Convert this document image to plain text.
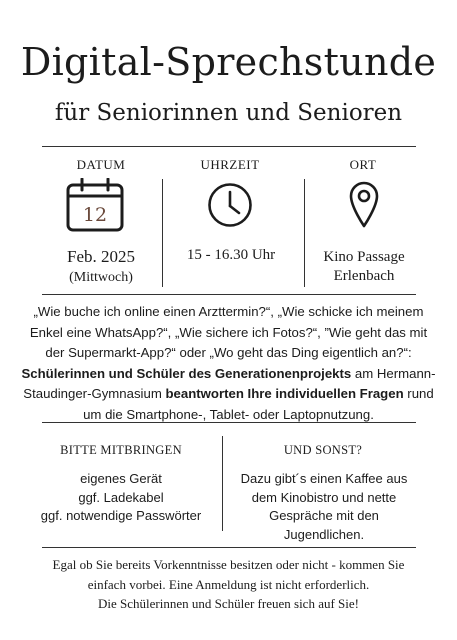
Digital-Sprechstunde
für Seniorinnen und Senioren
DATUM
12
Feb. 2025
(Mittwoch)
UHRZEIT
15 - 16.30 Uhr
ORT
Kino Passage
Erlenbach
„Wie buche ich online einen Arzttermin?“, „Wie schicke ich meinem Enkel eine WhatsApp?“, „Wie sichere ich Fotos?“, ”Wie geht das mit der Supermarkt-App?“ oder „Wo geht das Ding eigentlich an?“: Schülerinnen und Schüler des Generationenprojekts am Hermann-Staudinger-Gymnasium beantworten Ihre individuellen Fragen rund um die Smartphone-, Tablet- oder Laptopnutzung.
BITTE MITBRINGEN
eigenes Gerät
ggf. Ladekabel
ggf. notwendige Passwörter
UND SONST?
Dazu gibt´s einen Kaffee aus dem Kinobistro und nette Gespräche mit den Jugendlichen.
Egal ob Sie bereits Vorkenntnisse besitzen oder nicht - kommen Sie
einfach vorbei. Eine Anmeldung ist nicht erforderlich.
Die Schülerinnen und Schüler freuen sich auf Sie!
